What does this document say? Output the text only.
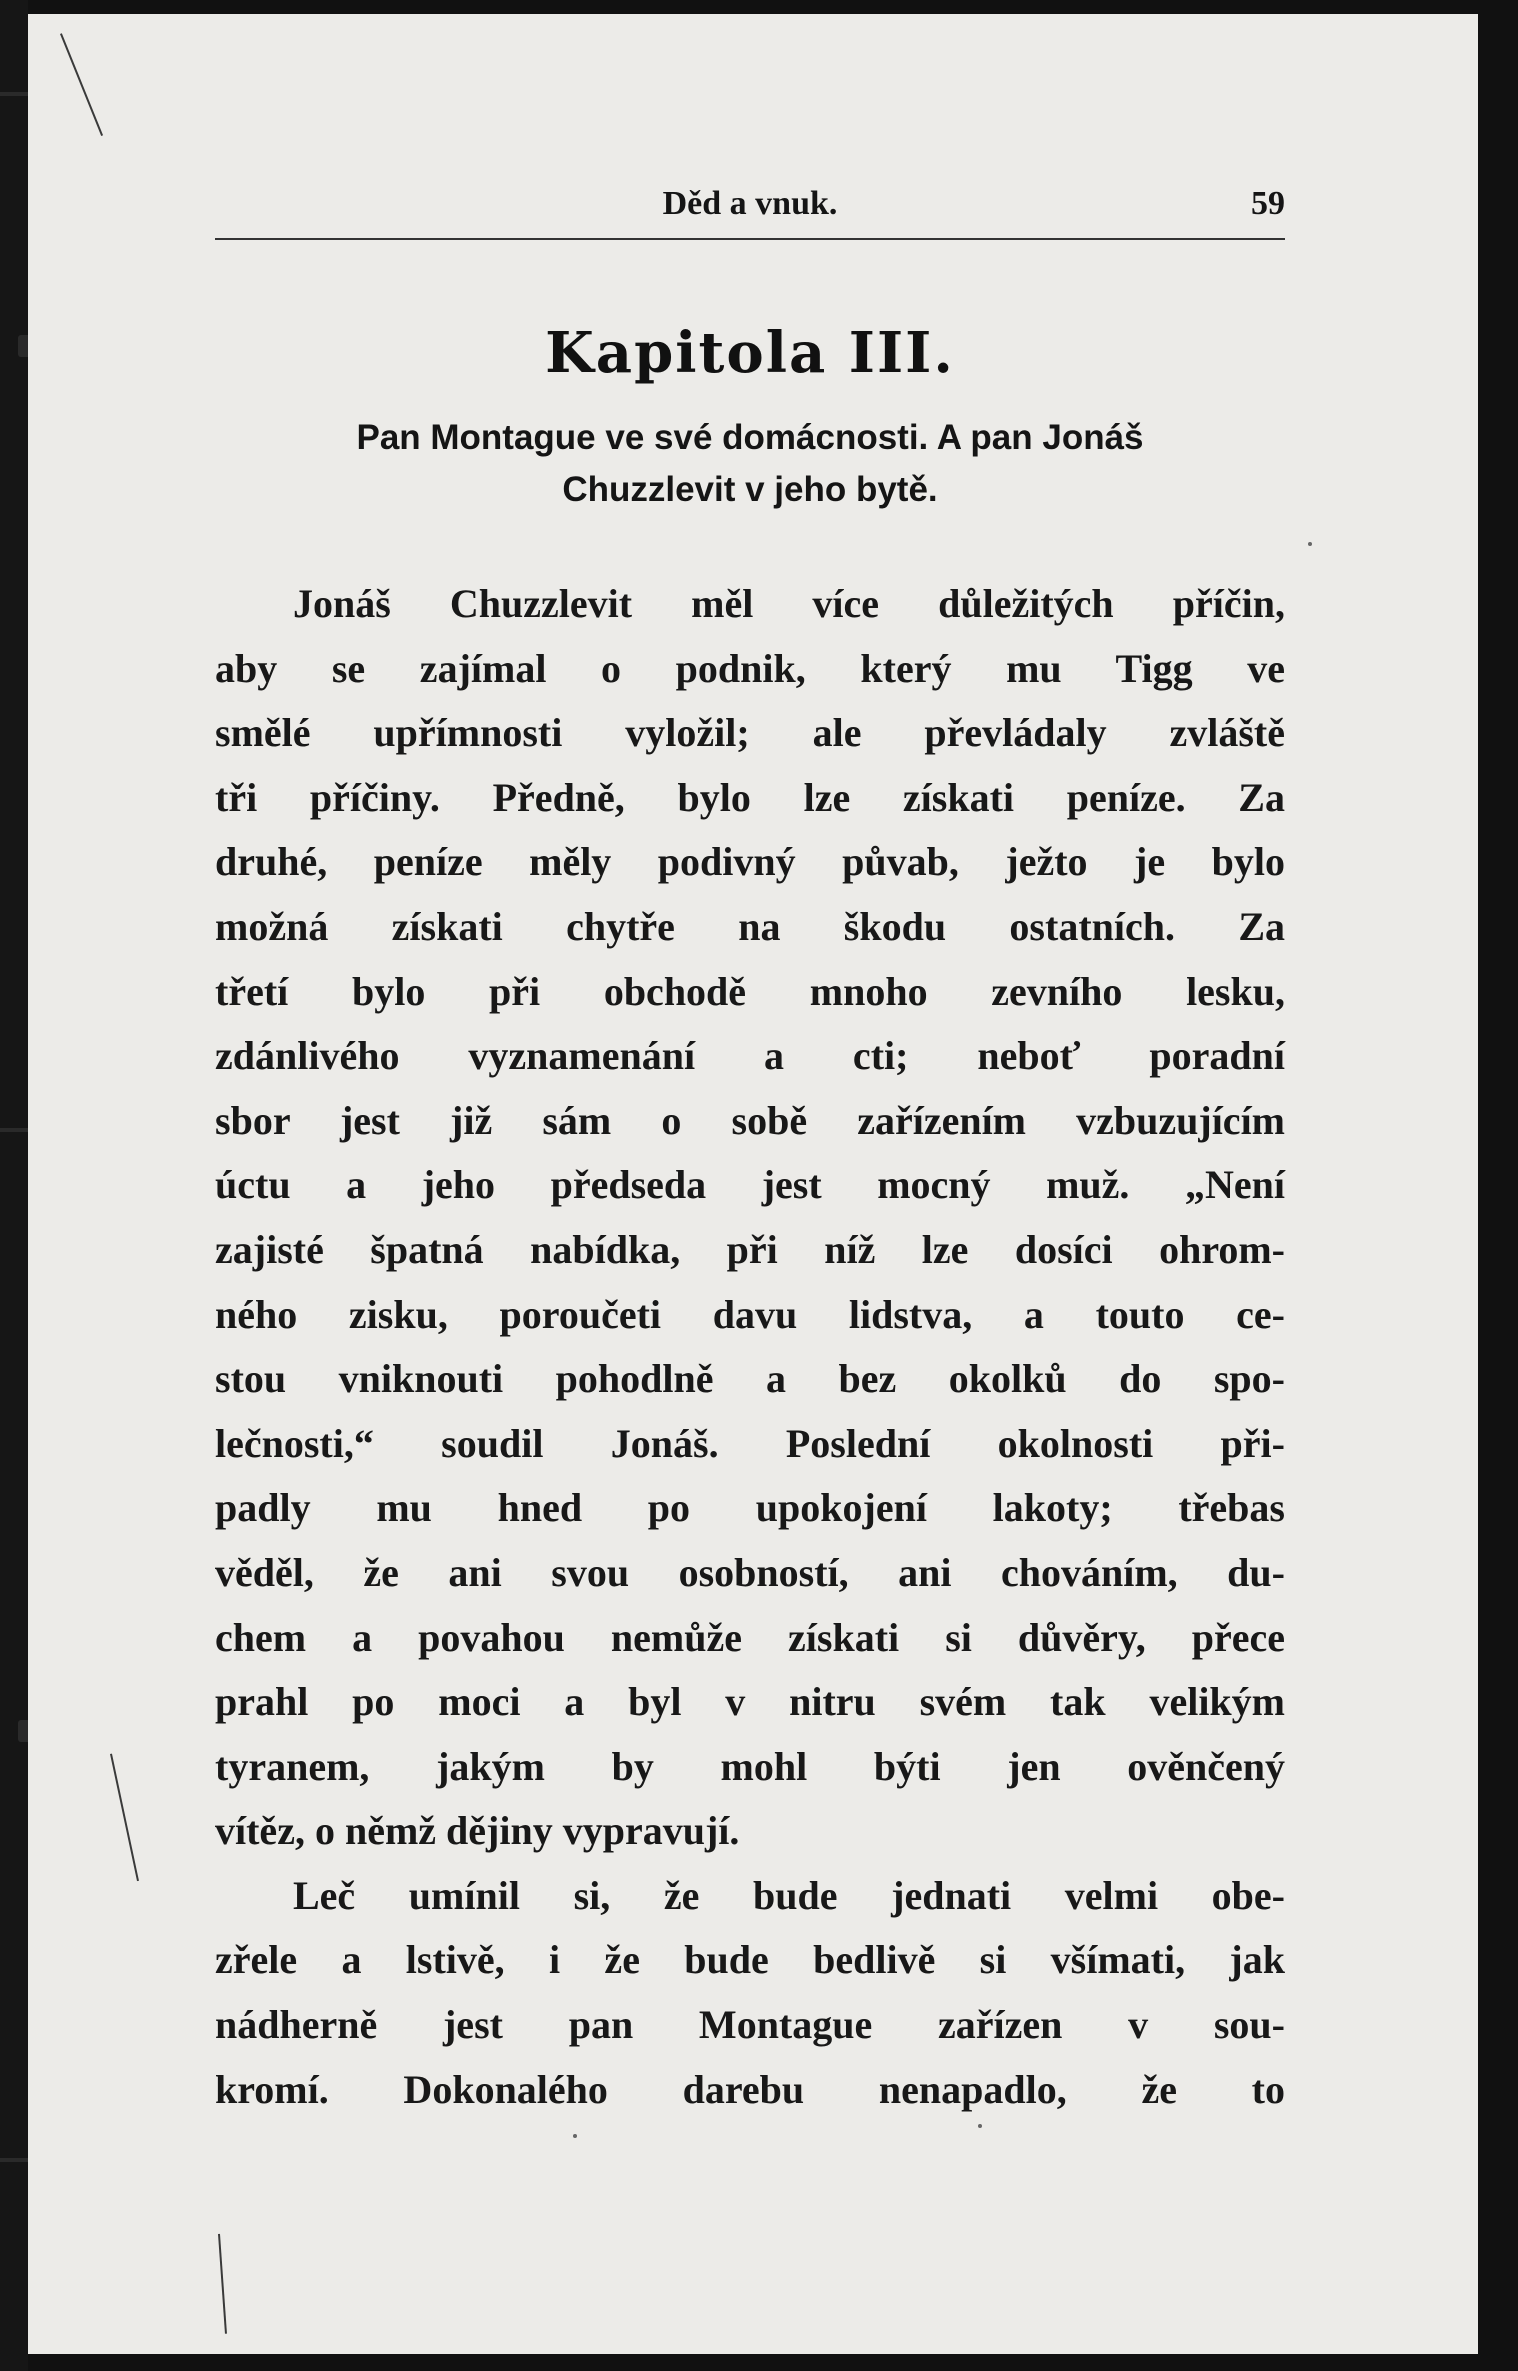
Děd a vnuk.	59
Kapitola III.
Pan Montague ve své domácnosti. A pan Jonáš
Chuzzlevit v jeho bytě.
Jonáš Chuzzlevit měl více důležitých příčin,
aby se zajímal o podnik, který mu Tigg ve
smělé upřímnosti vyložil; ale převládaly zvláště
tři příčiny. Předně, bylo lze získati peníze. Za
druhé, peníze měly podivný půvab, ježto je bylo
možná získati chytře na škodu ostatních. Za
třetí bylo při obchodě mnoho zevního lesku,
zdánlivého vyznamenání a cti; neboť poradní
sbor jest již sám o sobě zařízením vzbuzujícím
úctu a jeho předseda jest mocný muž. „Není
zajisté špatná nabídka, při níž lze dosíci ohrom-
ného zisku, poroučeti davu lidstva, a touto ce-
stou vniknouti pohodlně a bez okolků do spo-
lečnosti,“ soudil Jonáš. Poslední okolnosti při-
padly mu hned po upokojení lakoty; třebas
věděl, že ani svou osobností, ani chováním, du-
chem a povahou nemůže získati si důvěry, přece
prahl po moci a byl v nitru svém tak velikým
tyranem, jakým by mohl býti jen ověnčený
vítěz, o němž dějiny vypravují.
Leč umínil si, že bude jednati velmi obe-
zřele a lstivě, i že bude bedlivě si všímati, jak
nádherně jest pan Montague zařízen v sou-
kromí. Dokonalého darebu nenapadlo, že to
